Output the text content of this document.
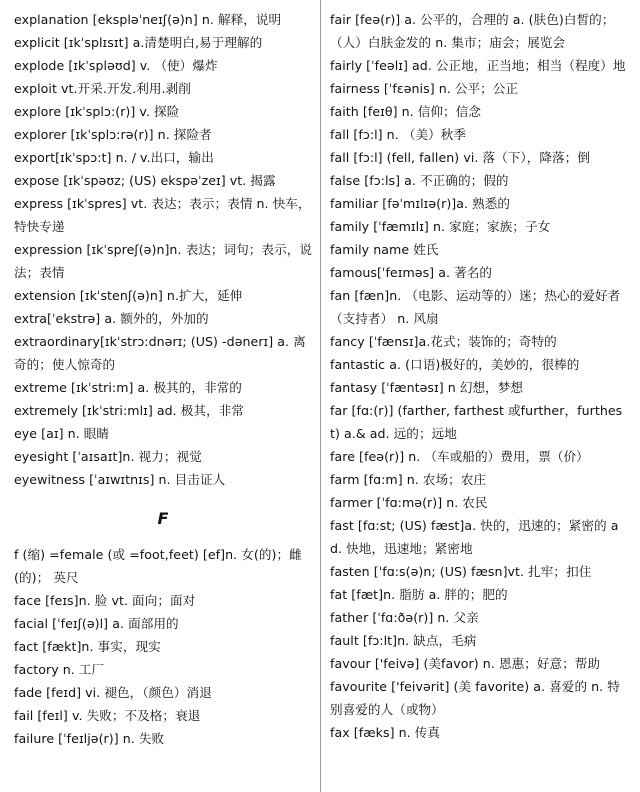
explanation [ekspləˈneɪʃ(ə)n] n. 解释，说明

explicit [ɪkˈsplɪsɪt] a.清楚明白,易于理解的

explode [ɪkˈspləʊd] v. （使）爆炸

exploit vt.开采.开发.利用.剥削

explore [ɪkˈsplɔ:(r)] v. 探险

explorer [ɪkˈsplɔ:rə(r)] n. 探险者

export[ɪkˈspɔ:t] n. / v.出口，输出

expose [ɪkˈspəʊz; (US) ekspəˈzeɪ] vt. 揭露

express [ɪkˈspres] vt. 表达；表示；表情 n. 快车，特快专递

expression [ɪkˈspreʃ(ə)n]n. 表达；词句；表示，说法；表情

extension [ɪkˈstenʃ(ə)n] n.扩大，延伸

extra[ˈekstrə] a. 额外的，外加的

extraordinary[ɪkˈstrɔ:dnərɪ; (US) -dənerɪ] a. 离奇的；使人惊奇的

extreme [ɪkˈstri:m] a. 极其的，非常的

extremely [ɪkˈstri:mlɪ] ad. 极其，非常

eye [aɪ] n. 眼睛

eyesight [ˈaɪsaɪt]n. 视力；视觉

eyewitness [ˈaɪwɪtnɪs] n. 目击证人

F

f (缩) =female (或 =foot,feet) [ef]n. 女(的)；雌(的)； 英尺

face [feɪs]n. 脸 vt. 面向；面对

facial [ˈfeɪʃ(ə)l] a. 面部用的

fact [fækt]n. 事实，现实

factory n. 工厂

fade [feɪd] vi. 褪色，（颜色）消退

fail [feɪl] v. 失败；不及格；衰退

failure [ˈfeɪljə(r)] n. 失败

fair [feə(r)] a. 公平的，合理的 a. (肤色)白皙的；（人）白肤金发的 n. 集市；庙会；展览会

fairly [ˈfeəlɪ] ad. 公正地，正当地；相当（程度）地

fairness [ˈfεənis] n. 公平；公正

faith [feɪθ] n. 信仰；信念

fall [fɔ:l] n. （美）秋季

fall [fɔ:l] (fell, fallen) vi. 落（下），降落；倒

false [fɔ:ls] a. 不正确的；假的

familiar [fəˈmɪlɪə(r)]a. 熟悉的

family [ˈfæmɪlɪ] n. 家庭；家族；子女

family name 姓氏

famous[ˈfeɪməs] a. 著名的

fan [fæn]n. （电影、运动等的）迷；热心的爱好者（支持者） n. 风扇

fancy [ˈfænsɪ]a.花式；装饰的；奇特的

fantastic a. (口语)极好的，美妙的，很棒的

fantasy [ˈfæntəsɪ] n 幻想，梦想

far [fɑ:(r)] (farther, farthest 或further，furthest) a.& ad. 远的；远地

fare [feə(r)] n. （车或船的）费用，票（价）

farm [fɑ:m] n. 农场；农庄

farmer [ˈfɑ:mə(r)] n. 农民

fast [fɑ:st; (US) fæst]a. 快的，迅速的；紧密的 ad. 快地，迅速地；紧密地

fasten [ˈfɑ:s(ə)n; (US) fæsn]vt. 扎牢；扣住

fat [fæt]n. 脂肪 a. 胖的；肥的

father [ˈfɑ:ðə(r)] n. 父亲

fault [fɔ:lt]n. 缺点，毛病

favour ['feivə] (美favor) n. 恩惠；好意；帮助

favourite ['feivərit] (美 favorite) a. 喜爱的 n. 特别喜爱的人（或物）

fax [fæks] n. 传真
